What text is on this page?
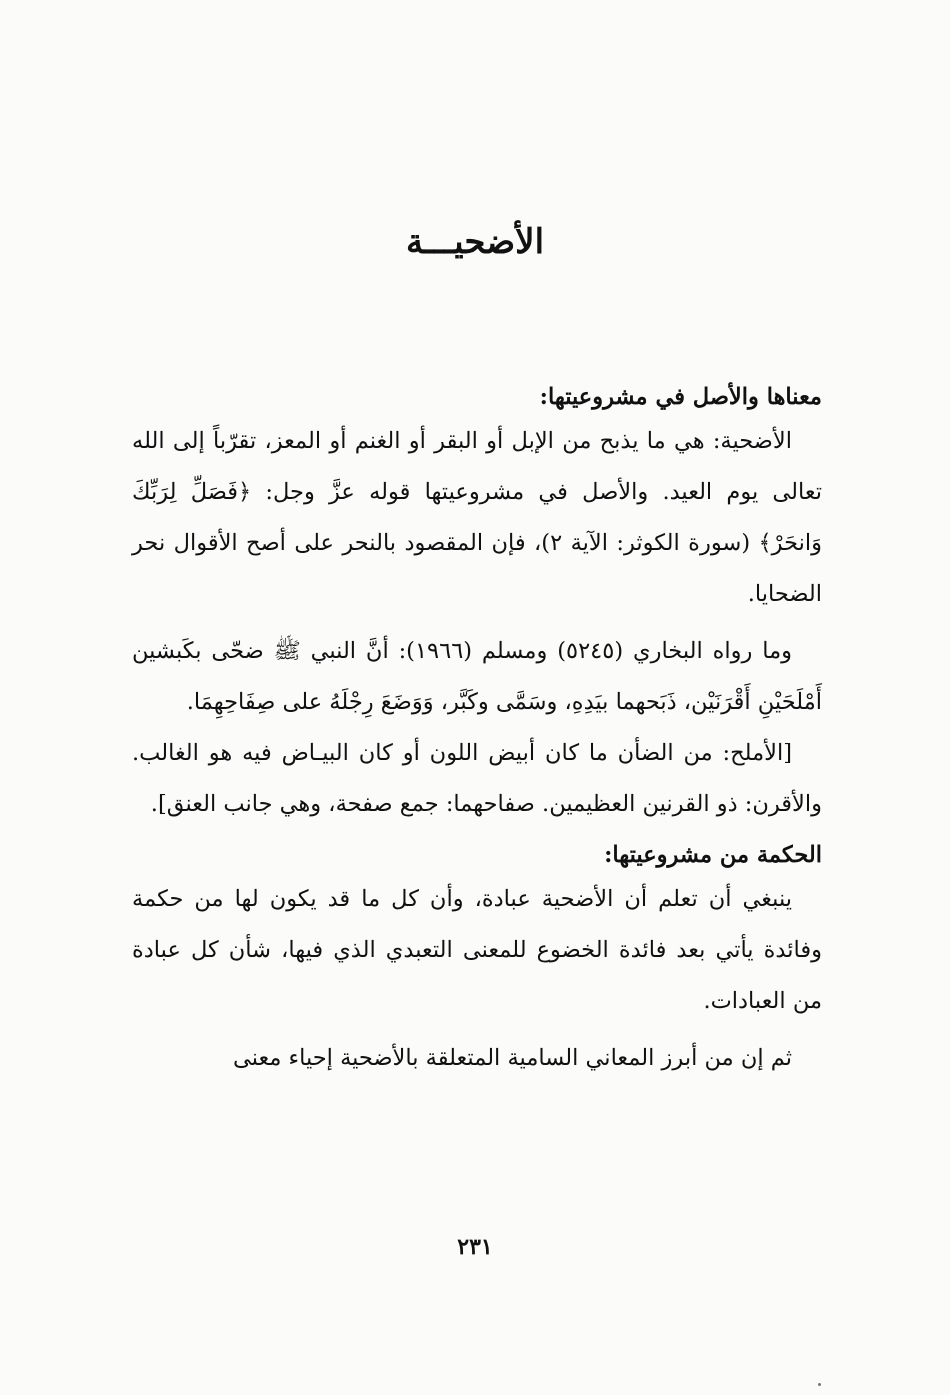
الأضحيـــة

معناها والأصل في مشروعيتها:

الأضحية: هي ما يذبح من الإبل أو البقر أو الغنم أو المعز، تقرّباً إلى الله تعالى يوم العيد. والأصل في مشروعيتها قوله عزَّ وجل: ﴿فَصَلِّ لِرَبِّكَ وَانحَرْ﴾ (سورة الكوثر: الآية ٢)، فإن المقصود بالنحر على أصح الأقوال نحر الضحايا.

وما رواه البخاري (٥٢٤٥) ومسلم (١٩٦٦): أنَّ النبي ﷺ ضحّى بكَبشين أَمْلَحَيْنِ أَقْرَنَيْن، ذَبَحهما بيَدِهِ، وسَمَّى وكَبَّر، وَوَضَعَ رِجْلَهُ على صِفَاحِهِمَا.

[الأملح: من الضأن ما كان أبيض اللون أو كان البيـاض فيه هو الغالب. والأقرن: ذو القرنين العظيمين. صفاحهما: جمع صفحة، وهي جانب العنق].

الحكمة من مشروعيتها:

ينبغي أن تعلم أن الأضحية عبادة، وأن كل ما قد يكون لها من حكمة وفائدة يأتي بعد فائدة الخضوع للمعنى التعبدي الذي فيها، شأن كل عبادة من العبادات.

ثم إن من أبرز المعاني السامية المتعلقة بالأضحية إحياء معنى

٢٣١
